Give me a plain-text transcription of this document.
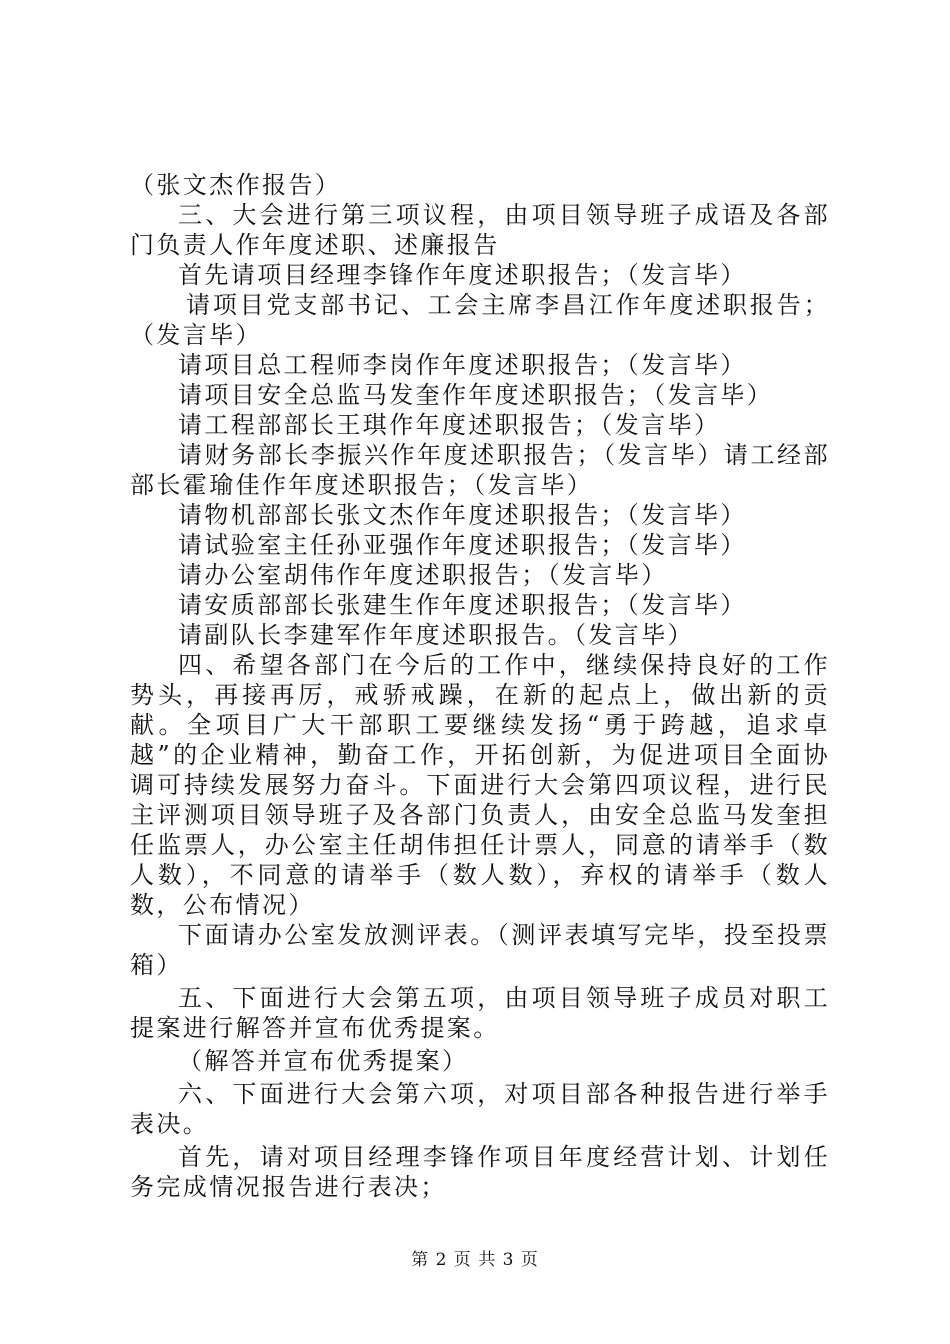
（张文杰作报告）

三、大会进行第三项议程，由项目领导班子成语及各部门负责人作年度述职、述廉报告

首先请项目经理李锋作年度述职报告；（发言毕）

请项目党支部书记、工会主席李昌江作年度述职报告；（发言毕）

请项目总工程师李岗作年度述职报告；（发言毕）

请项目安全总监马发奎作年度述职报告；（发言毕）

请工程部部长王琪作年度述职报告；（发言毕）

请财务部长李振兴作年度述职报告；（发言毕）请工经部部长霍瑜佳作年度述职报告；（发言毕）

请物机部部长张文杰作年度述职报告；（发言毕）

请试验室主任孙亚强作年度述职报告；（发言毕）

请办公室胡伟作年度述职报告；（发言毕）

请安质部部长张建生作年度述职报告；（发言毕）

请副队长李建军作年度述职报告。（发言毕）

四、希望各部门在今后的工作中，继续保持良好的工作势头，再接再厉，戒骄戒躁，在新的起点上，做出新的贡献。全项目广大干部职工要继续发扬“勇于跨越，追求卓越”的企业精神，勤奋工作，开拓创新，为促进项目全面协调可持续发展努力奋斗。下面进行大会第四项议程，进行民主评测项目领导班子及各部门负责人，由安全总监马发奎担任监票人，办公室主任胡伟担任计票人，同意的请举手（数人数），不同意的请举手（数人数），弃权的请举手（数人数，公布情况）

下面请办公室发放测评表。（测评表填写完毕，投至投票箱）

五、下面进行大会第五项，由项目领导班子成员对职工提案进行解答并宣布优秀提案。

（解答并宣布优秀提案）

六、下面进行大会第六项，对项目部各种报告进行举手表决。

首先，请对项目经理李锋作项目年度经营计划、计划任务完成情况报告进行表决；

第 2 页 共 3 页
